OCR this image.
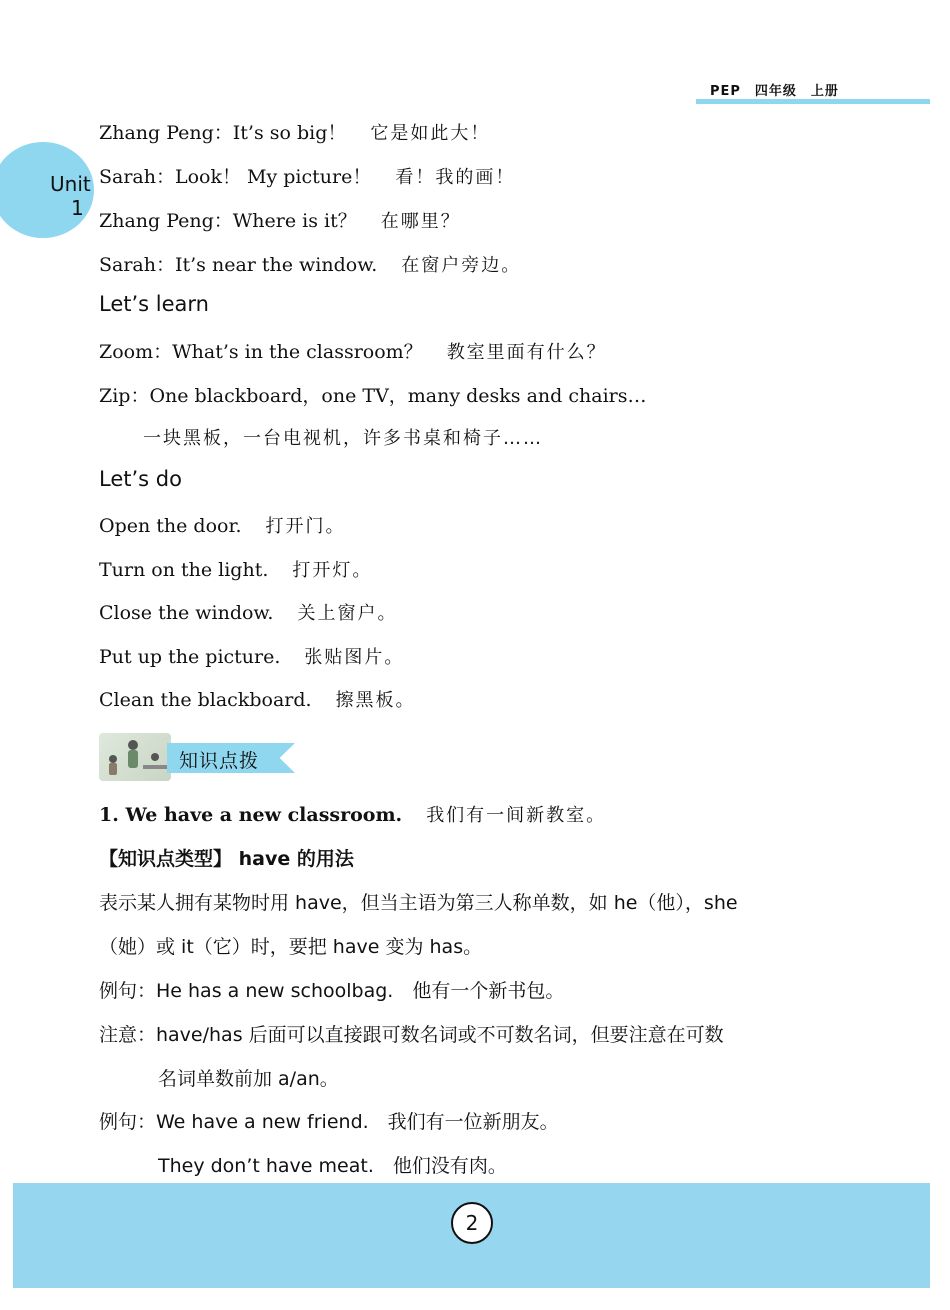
PEP　四年级　上册
Unit
1
Zhang Peng：It’s so big！ 它是如此大！
Sarah：Look！ My picture！ 看！我的画！
Zhang Peng：Where is it？ 在哪里？
Sarah：It’s near the window. 在窗户旁边。
Let’s learn
Zoom：What’s in the classroom？ 教室里面有什么？
Zip：One blackboard，one TV，many desks and chairs…
一块黑板，一台电视机，许多书桌和椅子……
Let’s do
Open the door. 打开门。
Turn on the light. 打开灯。
Close the window. 关上窗户。
Put up the picture. 张贴图片。
Clean the blackboard. 擦黑板。
知识点拨
1. We have a new classroom. 我们有一间新教室。
【知识点类型】 have 的用法
表示某人拥有某物时用 have，但当主语为第三人称单数，如 he（他），she
（她）或 it（它）时，要把 have 变为 has。
例句：He has a new schoolbag.　他有一个新书包。
注意：have/has 后面可以直接跟可数名词或不可数名词，但要注意在可数
名词单数前加 a/an。
例句：We have a new friend.　我们有一位新朋友。
They don’t have meat.　他们没有肉。
2
